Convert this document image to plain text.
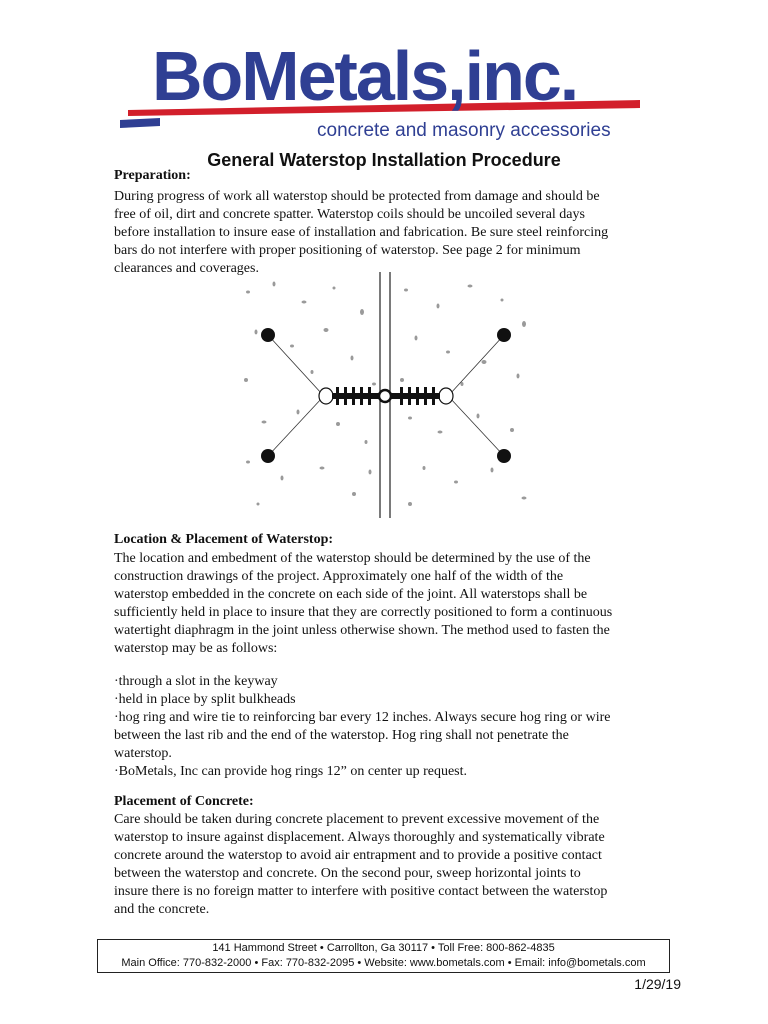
BoMetals,inc.
concrete and masonry accessories
General Waterstop Installation Procedure
Preparation:
During progress of work all waterstop should be protected from damage and should be
free of oil, dirt and concrete spatter. Waterstop coils should be uncoiled several days
before installation to insure ease of installation and fabrication. Be sure steel reinforcing
bars do not interfere with proper positioning of waterstop. See page 2 for minimum
clearances and coverages.
Location & Placement of Waterstop:
The location and embedment of the waterstop should be determined by the use of the
construction drawings of the project. Approximately one half of the width of the
waterstop embedded in the concrete on each side of the joint. All waterstops shall be
sufficiently held in place to insure that they are correctly positioned to form a continuous
watertight diaphragm in the joint unless otherwise shown. The method used to fasten the
waterstop may be as follows:
·through a slot in the keyway
·held in place by split bulkheads
·hog ring and wire tie to reinforcing bar every 12 inches. Always secure hog ring or wire
between the last rib and the end of the waterstop. Hog ring shall not penetrate the
waterstop.
·BoMetals, Inc can provide hog rings 12” on center up request.
Placement of Concrete:
Care should be taken during concrete placement to prevent excessive movement of the
waterstop to insure against displacement. Always thoroughly and systematically vibrate
concrete around the waterstop to avoid air entrapment and to provide a positive contact
between the waterstop and concrete. On the second pour, sweep horizontal joints to
insure there is no foreign matter to interfere with positive contact between the waterstop
and the concrete.
141 Hammond Street • Carrollton, Ga 30117 • Toll Free: 800-862-4835
Main Office: 770-832-2000 • Fax: 770-832-2095 • Website: www.bometals.com • Email: info@bometals.com
1/29/19
